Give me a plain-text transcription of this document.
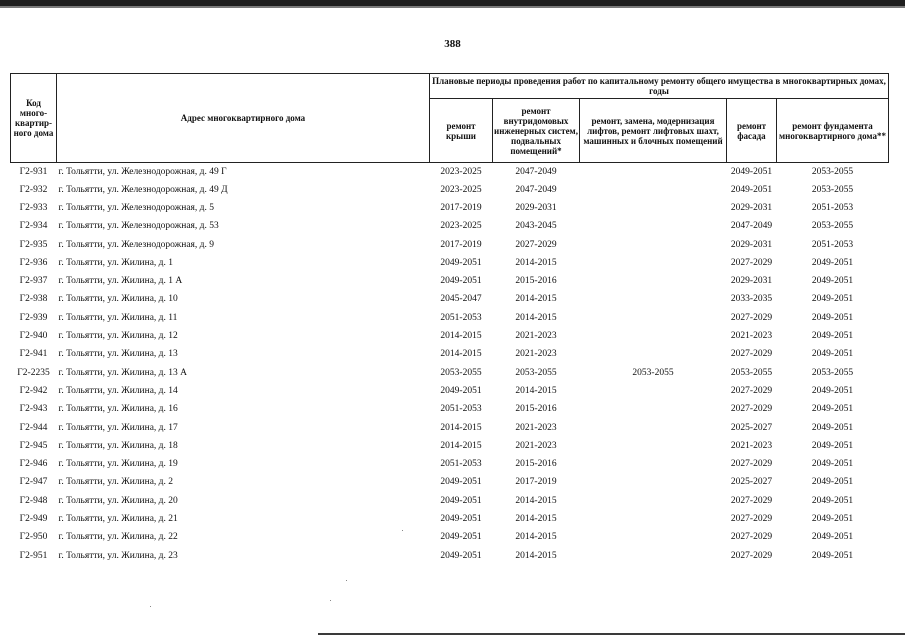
388
Код много-квартир-ного дома	Адрес многоквартирного дома	Плановые периоды проведения работ по капитальному ремонту общего имущества в многоквартирных домах, годы				
		ремонт крыши	ремонт внутридомовых инженерных систем, подвальных помещений*	ремонт, замена, модернизация лифтов, ремонт лифтовых шахт, машинных и блочных помещений	ремонт фасада	ремонт фундамента многоквартирного дома**
Г2-931	г. Тольятти, ул. Железнодорожная, д. 49 Г	2023-2025	2047-2049		2049-2051	2053-2055
Г2-932	г. Тольятти, ул. Железнодорожная, д. 49 Д	2023-2025	2047-2049		2049-2051	2053-2055
Г2-933	г. Тольятти, ул. Железнодорожная, д. 5	2017-2019	2029-2031		2029-2031	2051-2053
Г2-934	г. Тольятти, ул. Железнодорожная, д. 53	2023-2025	2043-2045		2047-2049	2053-2055
Г2-935	г. Тольятти, ул. Железнодорожная, д. 9	2017-2019	2027-2029		2029-2031	2051-2053
Г2-936	г. Тольятти, ул. Жилина, д. 1	2049-2051	2014-2015		2027-2029	2049-2051
Г2-937	г. Тольятти, ул. Жилина, д. 1 А	2049-2051	2015-2016		2029-2031	2049-2051
Г2-938	г. Тольятти, ул. Жилина, д. 10	2045-2047	2014-2015		2033-2035	2049-2051
Г2-939	г. Тольятти, ул. Жилина, д. 11	2051-2053	2014-2015		2027-2029	2049-2051
Г2-940	г. Тольятти, ул. Жилина, д. 12	2014-2015	2021-2023		2021-2023	2049-2051
Г2-941	г. Тольятти, ул. Жилина, д. 13	2014-2015	2021-2023		2027-2029	2049-2051
Г2-2235	г. Тольятти, ул. Жилина, д. 13 А	2053-2055	2053-2055	2053-2055	2053-2055	2053-2055
Г2-942	г. Тольятти, ул. Жилина, д. 14	2049-2051	2014-2015		2027-2029	2049-2051
Г2-943	г. Тольятти, ул. Жилина, д. 16	2051-2053	2015-2016		2027-2029	2049-2051
Г2-944	г. Тольятти, ул. Жилина, д. 17	2014-2015	2021-2023		2025-2027	2049-2051
Г2-945	г. Тольятти, ул. Жилина, д. 18	2014-2015	2021-2023		2021-2023	2049-2051
Г2-946	г. Тольятти, ул. Жилина, д. 19	2051-2053	2015-2016		2027-2029	2049-2051
Г2-947	г. Тольятти, ул. Жилина, д. 2	2049-2051	2017-2019		2025-2027	2049-2051
Г2-948	г. Тольятти, ул. Жилина, д. 20	2049-2051	2014-2015		2027-2029	2049-2051
Г2-949	г. Тольятти, ул. Жилина, д. 21	2049-2051	2014-2015		2027-2029	2049-2051
Г2-950	г. Тольятти, ул. Жилина, д. 22	2049-2051	2014-2015		2027-2029	2049-2051
Г2-951	г. Тольятти, ул. Жилина, д. 23	2049-2051	2014-2015		2027-2029	2049-2051
